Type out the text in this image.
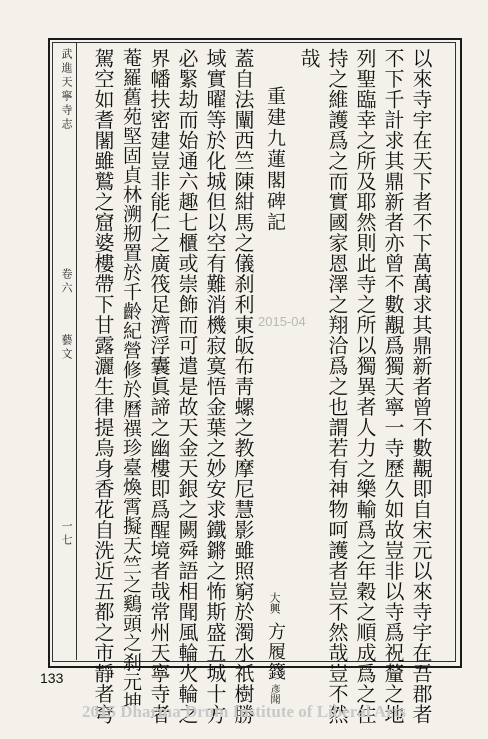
武進天寧寺志
卷六
藝文
一七	以來寺宇在天下者不下萬萬求其鼎新者曾不數覯即自宋元以來寺宇在吾郡者
不下千計求其鼎新者亦曾不數覯爲獨天寧一寺歷久如故豈非以寺爲祝釐之地
列聖臨幸之所及耶然則此寺之所以獨異者人力之樂輸爲之年穀之順成爲之住
持之維護爲之而實國家恩澤之翔洽爲之也謂若有神物呵護者豈不然哉豈不然
哉
重建九蓮閣碑記
大興
方履籛
彥聞
蓋自法闡西竺陳紺馬之儀刹利東皈布靑螺之教摩尼慧影雖照窮於濁水祇樹勝
域實曜等於化城但以空有難消機寂寞悟金葉之妙安求鐵鏘之怖斯盛五城十方
必緊劫而始通六趣七櫃或崇飾而可遣是故天金天銀之闕舜語相聞風輪火輪之
界幡扶密建豈非能仁之廣筏足濟浮囊眞諦之幽樓即爲醒境者哉常州天寧寺者
菴羅舊苑堅固貞林溯剏置於千齡紀營修於曆禩珍臺煥霄擬天竺之鷄頭之刹元坤
駕空如耆闍雖鷲之窟婆樓帶下甘露灑生律提烏身香花自洗近五都之市靜者穹	2015-04
133
2015 Dharma Drum Institute of Liberal Arts
